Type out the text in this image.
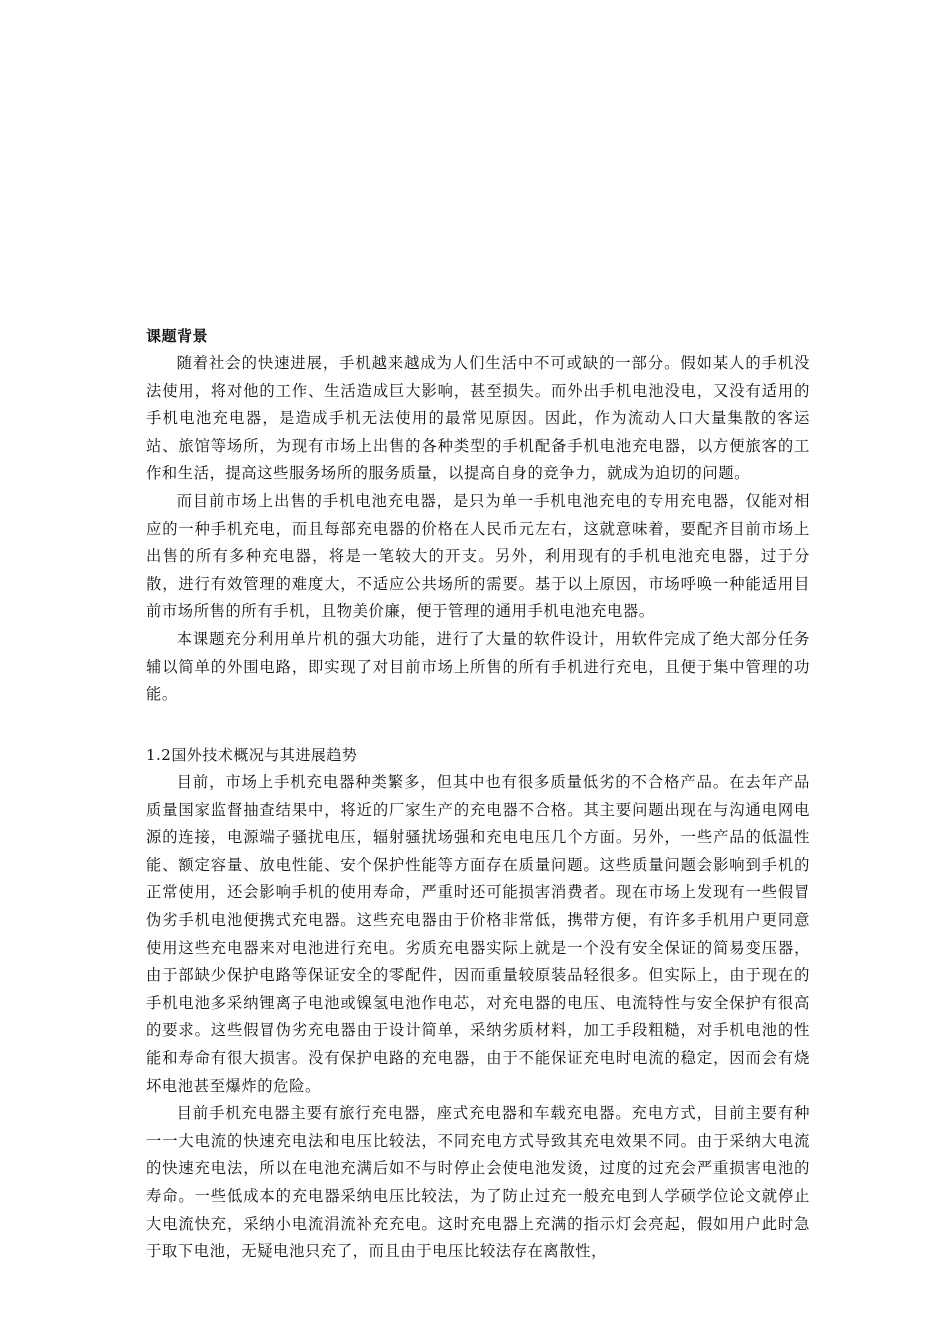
课题背景

随着社会的快速进展，手机越来越成为人们生活中不可或缺的一部分。假如某人的手机没法使用，将对他的工作、生活造成巨大影响，甚至损失。而外出手机电池没电，又没有适用的手机电池充电器，是造成手机无法使用的最常见原因。因此，作为流动人口大量集散的客运站、旅馆等场所，为现有市场上出售的各种类型的手机配备手机电池充电器，以方便旅客的工作和生活，提高这些服务场所的服务质量，以提高自身的竞争力，就成为迫切的问题。

而目前市场上出售的手机电池充电器，是只为单一手机电池充电的专用充电器，仅能对相应的一种手机充电，而且每部充电器的价格在人民币元左右，这就意味着，要配齐目前市场上出售的所有多种充电器，将是一笔较大的开支。另外，利用现有的手机电池充电器，过于分散，进行有效管理的难度大，不适应公共场所的需要。基于以上原因，市场呼唤一种能适用目前市场所售的所有手机，且物美价廉，便于管理的通用手机电池充电器。

本课题充分利用单片机的强大功能，进行了大量的软件设计，用软件完成了绝大部分任务辅以简单的外围电路，即实现了对目前市场上所售的所有手机进行充电，且便于集中管理的功能。

1.2国外技术概况与其进展趋势

目前，市场上手机充电器种类繁多，但其中也有很多质量低劣的不合格产品。在去年产品质量国家监督抽查结果中，将近的厂家生产的充电器不合格。其主要问题出现在与沟通电网电源的连接，电源端子骚扰电压，辐射骚扰场强和充电电压几个方面。另外，一些产品的低温性能、额定容量、放电性能、安个保护性能等方面存在质量问题。这些质量问题会影响到手机的正常使用，还会影响手机的使用寿命，严重时还可能损害消费者。现在市场上发现有一些假冒伪劣手机电池便携式充电器。这些充电器由于价格非常低，携带方便，有许多手机用户更同意使用这些充电器来对电池进行充电。劣质充电器实际上就是一个没有安全保证的简易变压器，由于部缺少保护电路等保证安全的零配件，因而重量较原装品轻很多。但实际上，由于现在的手机电池多采纳锂离子电池或镍氢电池作电芯，对充电器的电压、电流特性与安全保护有很高的要求。这些假冒伪劣充电器由于设计简单，采纳劣质材料，加工手段粗糙，对手机电池的性能和寿命有很大损害。没有保护电路的充电器，由于不能保证充电时电流的稳定，因而会有烧坏电池甚至爆炸的危险。

目前手机充电器主要有旅行充电器，座式充电器和车载充电器。充电方式，目前主要有种一一大电流的快速充电法和电压比较法，不同充电方式导致其充电效果不同。由于采纳大电流的快速充电法，所以在电池充满后如不与时停止会使电池发烫，过度的过充会严重损害电池的寿命。一些低成本的充电器采纳电压比较法，为了防止过充一般充电到人学硕学位论文就停止大电流快充，采纳小电流涓流补充充电。这时充电器上充满的指示灯会亮起，假如用户此时急于取下电池，无疑电池只充了，而且由于电压比较法存在离散性，
